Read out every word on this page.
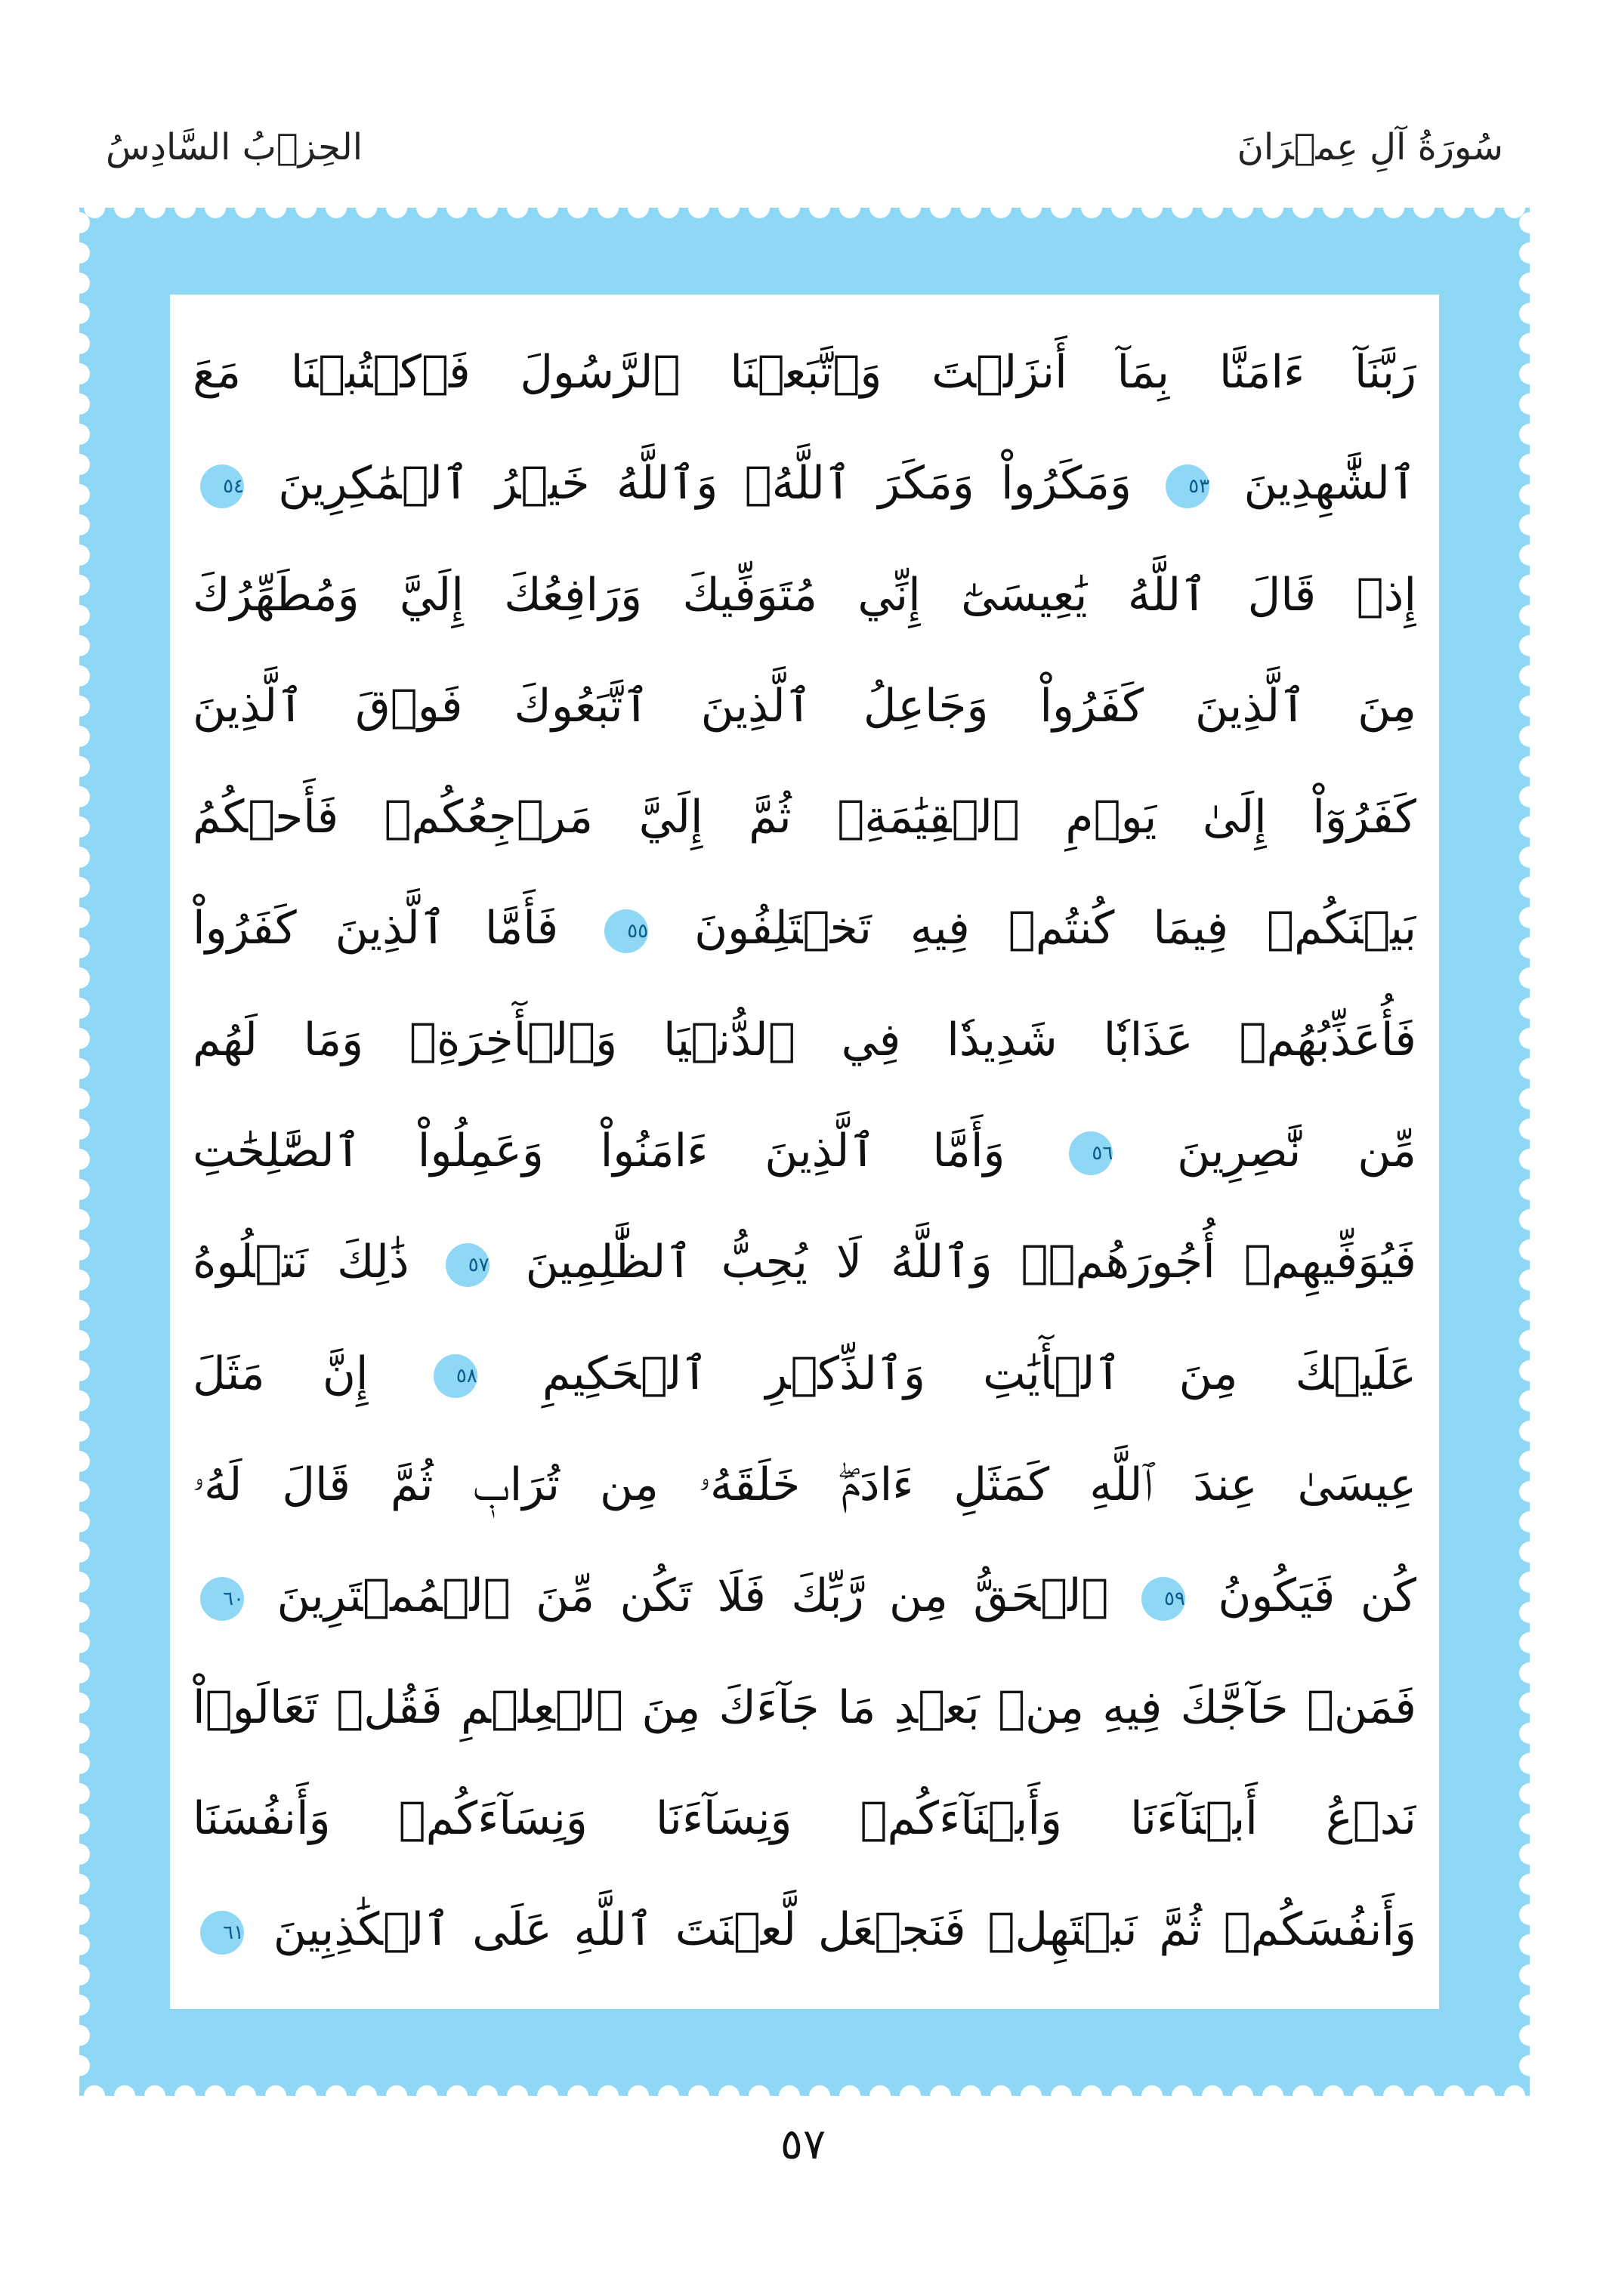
سُورَةُ آلِ عِمۡرَانَ
الحِزۡبُ السَّادِسُ
رَبَّنَآ ءَامَنَّا بِمَآ أَنزَلۡتَ وَٱتَّبَعۡنَا ٱلرَّسُولَ فَٱكۡتُبۡنَا مَعَ
ٱلشَّٰهِدِينَ ٥٣ وَمَكَرُواْ وَمَكَرَ ٱللَّهُۖ وَٱللَّهُ خَيۡرُ ٱلۡمَٰكِرِينَ ٥٤
إِذۡ قَالَ ٱللَّهُ يَٰعِيسَىٰٓ إِنِّي مُتَوَفِّيكَ وَرَافِعُكَ إِلَيَّ وَمُطَهِّرُكَ
مِنَ ٱلَّذِينَ كَفَرُواْ وَجَاعِلُ ٱلَّذِينَ ٱتَّبَعُوكَ فَوۡقَ ٱلَّذِينَ
كَفَرُوٓاْ إِلَىٰ يَوۡمِ ٱلۡقِيَٰمَةِۖ ثُمَّ إِلَيَّ مَرۡجِعُكُمۡ فَأَحۡكُمُ
بَيۡنَكُمۡ فِيمَا كُنتُمۡ فِيهِ تَخۡتَلِفُونَ ٥٥ فَأَمَّا ٱلَّذِينَ كَفَرُواْ
فَأُعَذِّبُهُمۡ عَذَابٗا شَدِيدٗا فِي ٱلدُّنۡيَا وَٱلۡأٓخِرَةِۖ وَمَا لَهُم
مِّن نَّٰصِرِينَ ٥٦ وَأَمَّا ٱلَّذِينَ ءَامَنُواْ وَعَمِلُواْ ٱلصَّٰلِحَٰتِ
فَيُوَفِّيهِمۡ أُجُورَهُمۡۗ وَٱللَّهُ لَا يُحِبُّ ٱلظَّٰلِمِينَ ٥٧ ذَٰلِكَ نَتۡلُوهُ
عَلَيۡكَ مِنَ ٱلۡأٓيَٰتِ وَٱلذِّكۡرِ ٱلۡحَكِيمِ ٥٨ إِنَّ مَثَلَ
عِيسَىٰ عِندَ ٱللَّهِ كَمَثَلِ ءَادَمَۖ خَلَقَهُۥ مِن تُرَابٖ ثُمَّ قَالَ لَهُۥ
كُن فَيَكُونُ ٥٩ ٱلۡحَقُّ مِن رَّبِّكَ فَلَا تَكُن مِّنَ ٱلۡمُمۡتَرِينَ ٦٠
فَمَنۡ حَآجَّكَ فِيهِ مِنۢ بَعۡدِ مَا جَآءَكَ مِنَ ٱلۡعِلۡمِ فَقُلۡ تَعَالَوۡاْ
نَدۡعُ أَبۡنَآءَنَا وَأَبۡنَآءَكُمۡ وَنِسَآءَنَا وَنِسَآءَكُمۡ وَأَنفُسَنَا
وَأَنفُسَكُمۡ ثُمَّ نَبۡتَهِلۡ فَنَجۡعَل لَّعۡنَتَ ٱللَّهِ عَلَى ٱلۡكَٰذِبِينَ ٦١
٥٧
